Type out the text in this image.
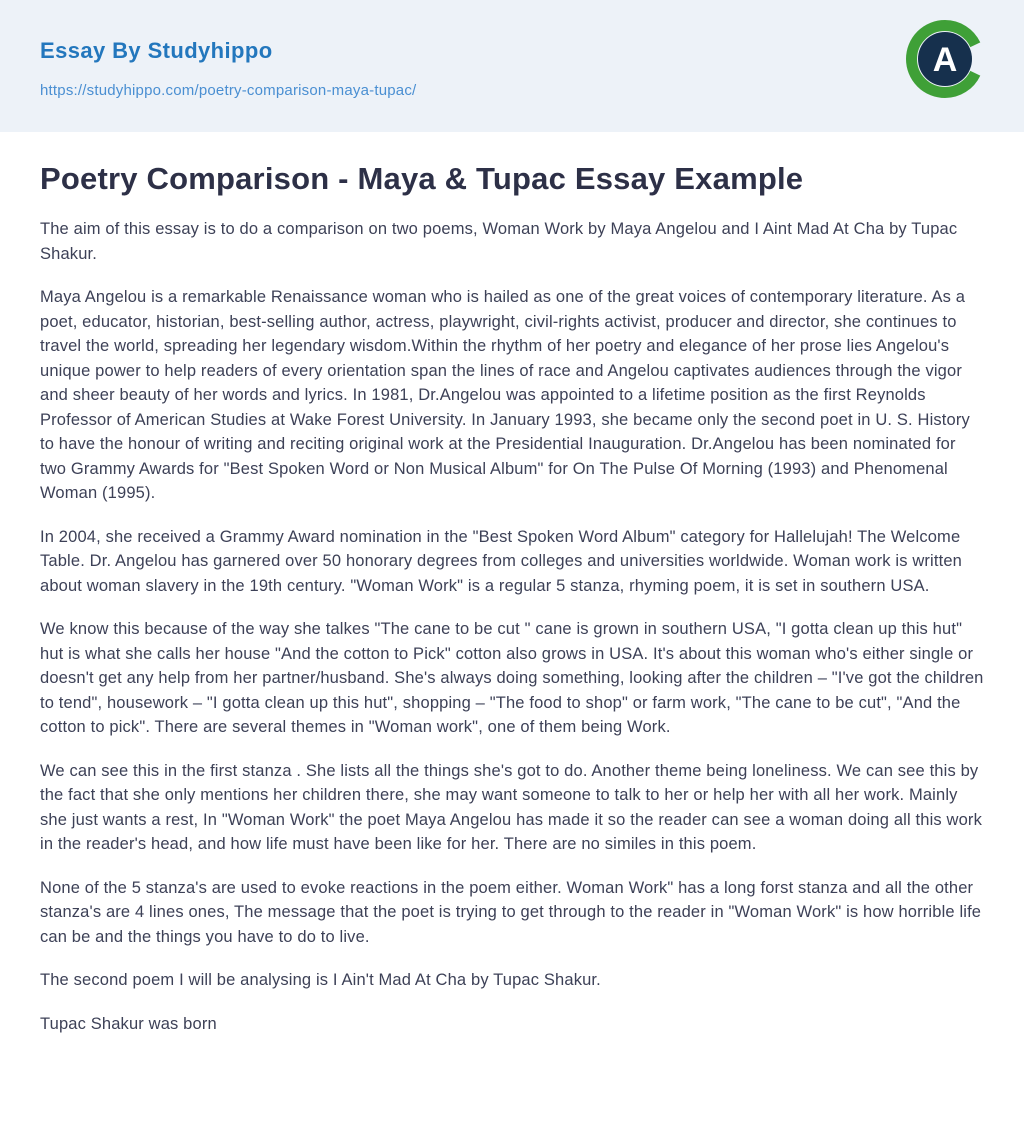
Essay By Studyhippo
https://studyhippo.com/poetry-comparison-maya-tupac/
A
Poetry Comparison - Maya & Tupac Essay Example

The aim of this essay is to do a comparison on two poems, Woman Work by Maya Angelou and I Aint Mad At Cha by Tupac Shakur.

Maya Angelou is a remarkable Renaissance woman who is hailed as one of the great voices of contemporary literature. As a poet, educator, historian, best-selling author, actress, playwright, civil-rights activist, producer and director, she continues to travel the world, spreading her legendary wisdom.Within the rhythm of her poetry and elegance of her prose lies Angelou's unique power to help readers of every orientation span the lines of race and Angelou captivates audiences through the vigor and sheer beauty of her words and lyrics. In 1981, Dr.Angelou was appointed to a lifetime position as the first Reynolds Professor of American Studies at Wake Forest University. In January 1993, she became only the second poet in U. S. History to have the honour of writing and reciting original work at the Presidential Inauguration. Dr.Angelou has been nominated for two Grammy Awards for "Best Spoken Word or Non Musical Album" for On The Pulse Of Morning (1993) and Phenomenal Woman (1995).

In 2004, she received a Grammy Award nomination in the "Best Spoken Word Album" category for Hallelujah! The Welcome Table. Dr. Angelou has garnered over 50 honorary degrees from colleges and universities worldwide. Woman work is written about woman slavery in the 19th century. "Woman Work" is a regular 5 stanza, rhyming poem, it is set in southern USA.

We know this because of the way she talkes "The cane to be cut " cane is grown in southern USA, "I gotta clean up this hut" hut is what she calls her house "And the cotton to Pick" cotton also grows in USA. It's about this woman who's either single or doesn't get any help from her partner/husband. She's always doing something, looking after the children – "I've got the children to tend", housework – "I gotta clean up this hut", shopping – "The food to shop" or farm work, "The cane to be cut", "And the cotton to pick". There are several themes in "Woman work", one of them being Work.

We can see this in the first stanza . She lists all the things she's got to do. Another theme being loneliness. We can see this by the fact that she only mentions her children there, she may want someone to talk to her or help her with all her work. Mainly she just wants a rest, In "Woman Work" the poet Maya Angelou has made it so the reader can see a woman doing all this work in the reader's head, and how life must have been like for her. There are no similes in this poem.

None of the 5 stanza's are used to evoke reactions in the poem either. Woman Work" has a long forst stanza and all the other stanza's are 4 lines ones, The message that the poet is trying to get through to the reader in "Woman Work" is how horrible life can be and the things you have to do to live.

The second poem I will be analysing is I Ain't Mad At Cha by Tupac Shakur.

Tupac Shakur was born
